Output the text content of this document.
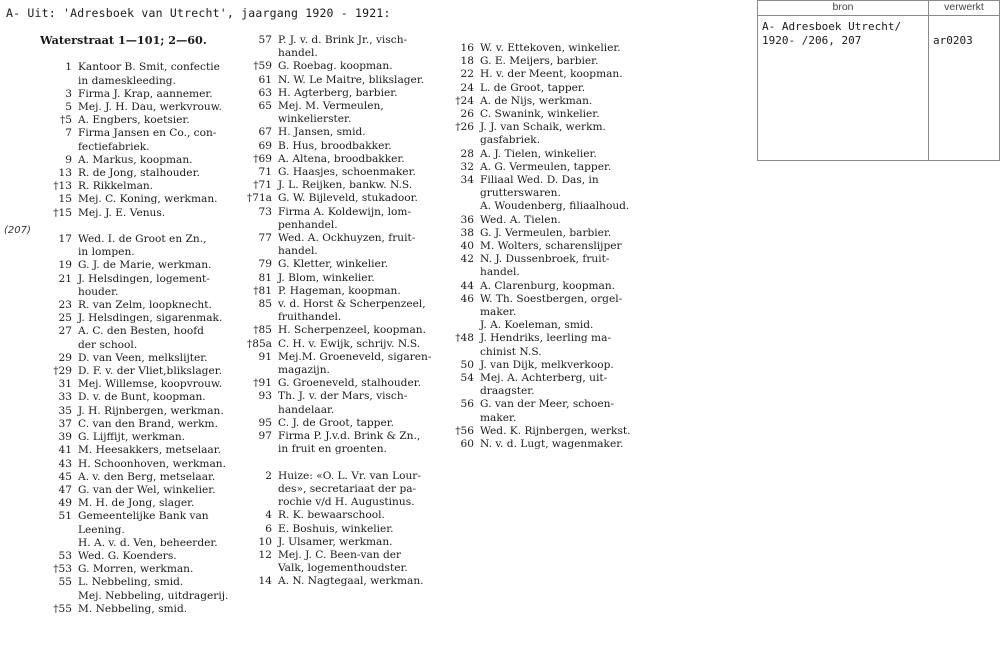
A- Uit: 'Adresboek van Utrecht', jaargang 1920 - 1921:
(207)
Waterstraat 1—101; 2—60.

1 Kantoor B. Smit, confectie
in dameskleeding.
3 Firma J. Krap, aannemer.
5 Mej. J. H. Dau, werkvrouw.
†5 A. Engbers, koetsier.
7 Firma Jansen en Co., con-
fectiefabriek.
9 A. Markus, koopman.
13 R. de Jong, stalhouder.
†13 R. Rikkelman.
15 Mej. C. Koning, werkman.
†15 Mej. J. E. Venus.

17 Wed. I. de Groot en Zn.,
in lompen.
19 G. J. de Marie, werkman.
21 J. Helsdingen, logement-
houder.
23 R. van Zelm, loopknecht.
25 J. Helsdingen, sigarenmak.
27 A. C. den Besten, hoofd
der school.
29 D. van Veen, melkslijter.
†29 D. F. v. der Vliet,blikslager.
31 Mej. Willemse, koopvrouw.
33 D. v. de Bunt, koopman.
35 J. H. Rijnbergen, werkman.
37 C. van den Brand, werkm.
39 G. Lijffijt, werkman.
41 M. Heesakkers, metselaar.
43 H. Schoonhoven, werkman.
45 A. v. den Berg, metselaar.
47 G. van der Wel, winkelier.
49 M. H. de Jong, slager.
51 Gemeentelijke Bank van
Leening.
H. A. v. d. Ven, beheerder.
53 Wed. G. Koenders.
†53 G. Morren, werkman.
55 L. Nebbeling, smid.
Mej. Nebbeling, uitdragerij.
†55 M. Nebbeling, smid.
57 P. J. v. d. Brink Jr., visch-
handel.
†59 G. Roebag. koopman.
61 N. W. Le Maitre, blikslager.
63 H. Agterberg, barbier.
65 Mej. M. Vermeulen,
winkelierster.
67 H. Jansen, smid.
69 B. Hus, broodbakker.
†69 A. Altena, broodbakker.
71 G. Haasjes, schoenmaker.
†71 J. L. Reijken, bankw. N.S.
†71a G. W. Bijleveld, stukadoor.
73 Firma A. Koldewijn, lom-
penhandel.
77 Wed. A. Ockhuyzen, fruit-
handel.
79 G. Kletter, winkelier.
81 J. Blom, winkelier.
†81 P. Hageman, koopman.
85 v. d. Horst & Scherpenzeel,
fruithandel.
†85 H. Scherpenzeel, koopman.
†85a C. H. v. Ewijk, schrijv. N.S.
91 Mej.M. Groeneveld, sigaren-
magazijn.
†91 G. Groeneveld, stalhouder.
93 Th. J. v. der Mars, visch-
handelaar.
95 C. J. de Groot, tapper.
97 Firma P. J.v.d. Brink & Zn.,
in fruit en groenten.

2 Huize: «O. L. Vr. van Lour-
des», secretariaat der pa-
rochie v/d H. Augustinus.
4 R. K. bewaarschool.
6 E. Boshuis, winkelier.
10 J. Ulsamer, werkman.
12 Mej. J. C. Been-van der
Valk, logementhoudster.
14 A. N. Nagtegaal, werkman.
16 W. v. Ettekoven, winkelier.
18 G. E. Meijers, barbier.
22 H. v. der Meent, koopman.
24 L. de Groot, tapper.
†24 A. de Nijs, werkman.
26 C. Swanink, winkelier.
†26 J. J. van Schaik, werkm.
gasfabriek.
28 A. J. Tielen, winkelier.
32 A. G. Vermeulen, tapper.
34 Filiaal Wed. D. Das, in
grutterswaren.
A. Woudenberg, filiaalhoud.
36 Wed. A. Tielen.
38 G. J. Vermeulen, barbier.
40 M. Wolters, scharenslijper
42 N. J. Dussenbroek, fruit-
handel.
44 A. Clarenburg, koopman.
46 W. Th. Soestbergen, orgel-
maker.
J. A. Koeleman, smid.
†48 J. Hendriks, leerling ma-
chinist N.S.
50 J. van Dijk, melkverkoop.
54 Mej. A. Achterberg, uit-
draagster.
56 G. van der Meer, schoen-
maker.
†56 Wed. K. Rijnbergen, werkst.
60 N. v. d. Lugt, wagenmaker.
bron	verwerkt
A- Adresboek Utrecht/
1920- /206, 207	ar0203
